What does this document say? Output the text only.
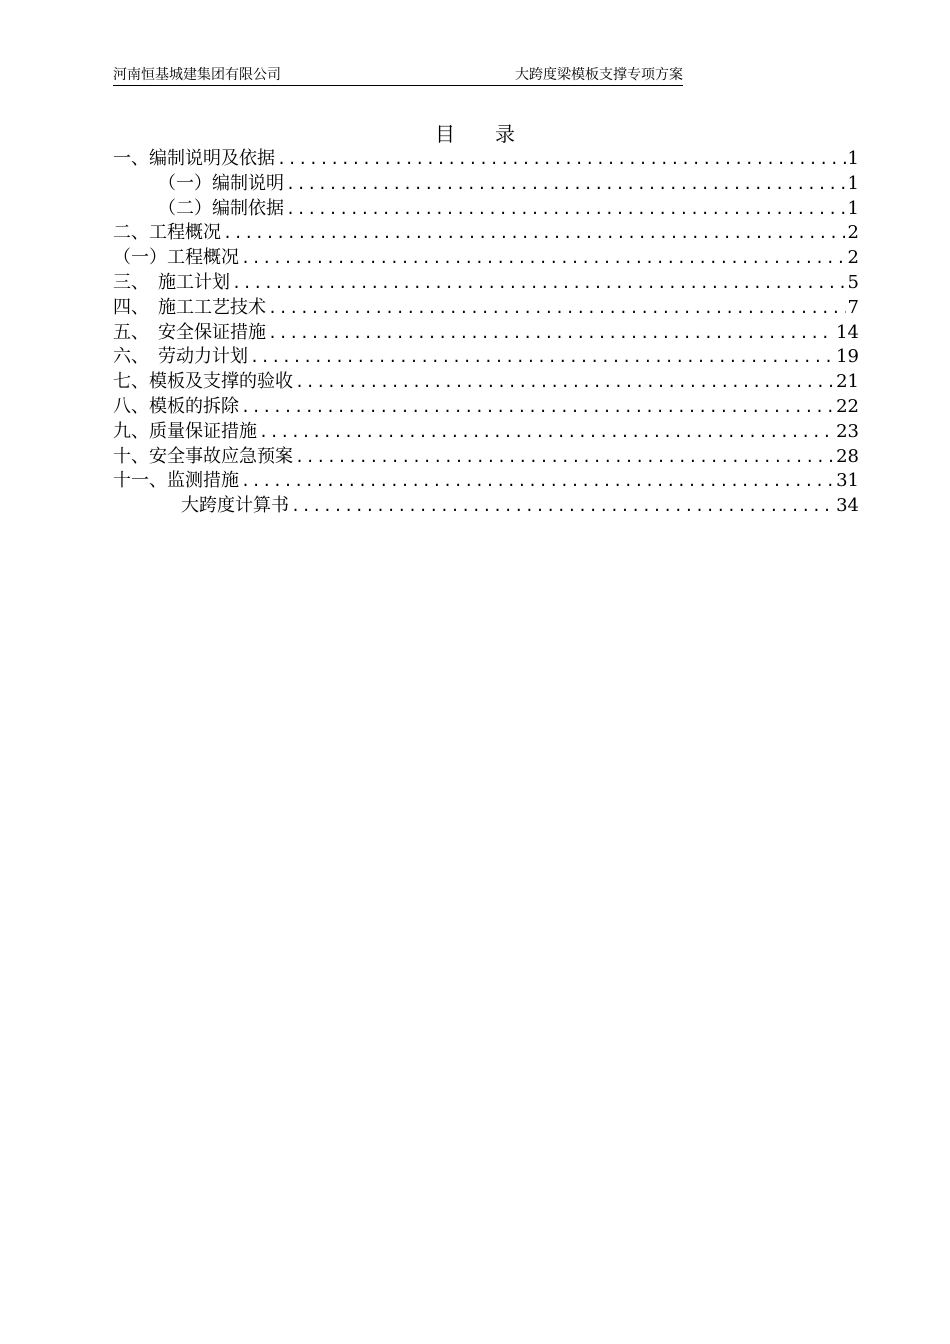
河南恒基城建集团有限公司	大跨度梁模板支撑专项方案
目　　录
一、编制说明及依据 .....	1
（一）编制说明 .....	1
（二）编制依据 .....	1
二、工程概况 .....	2
（一）工程概况 .....	2
三、　施工计划 .....	5
四、　施工工艺技术 .....	7
五、　安全保证措施 .....	14
六、　劳动力计划 .....	19
七、模板及支撑的验收 .....	21
八、模板的拆除 .....	22
九、质量保证措施 .....	23
十、安全事故应急预案 .....	28
十一、监测措施 .....	31
大跨度计算书 .....	34
